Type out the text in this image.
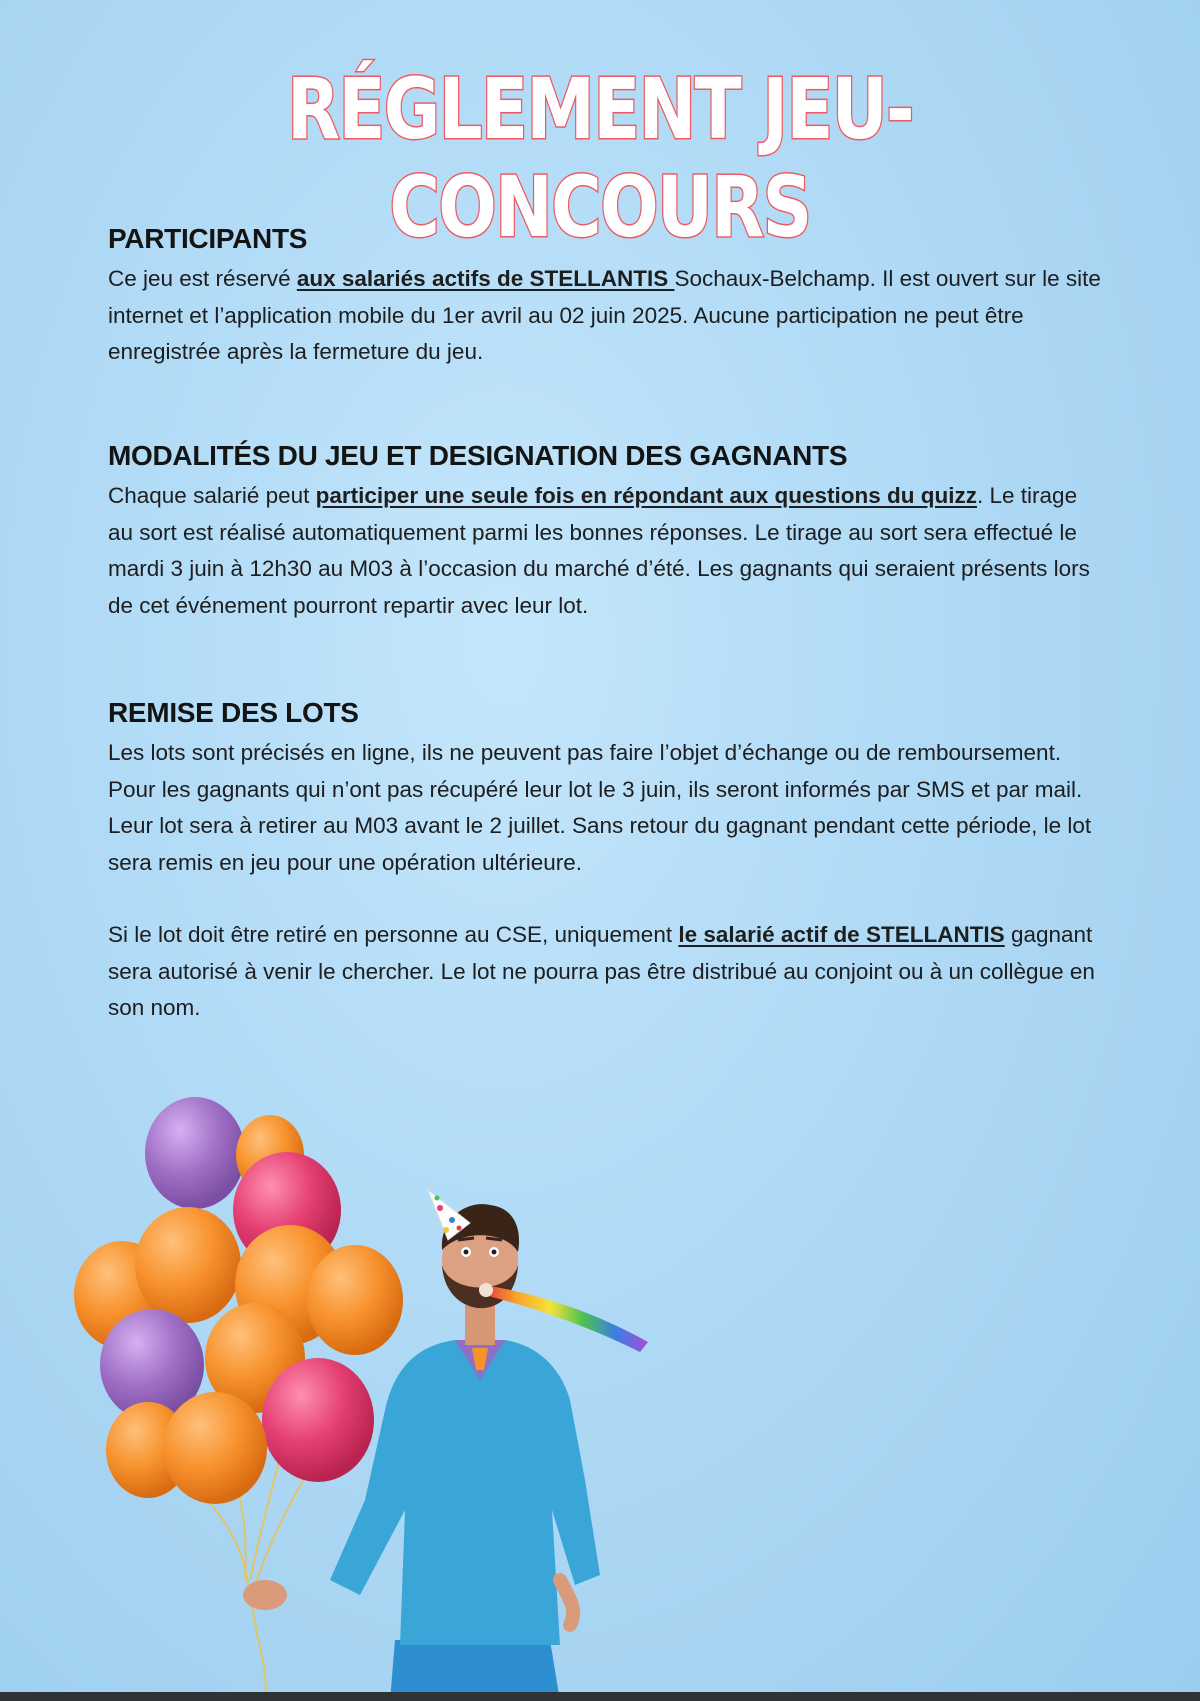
RÉGLEMENT JEU-CONCOURS
PARTICIPANTS

Ce jeu est réservé aux salariés actifs de STELLANTIS Sochaux-Belchamp. Il est ouvert sur le site internet et l’application mobile du 1er avril au 02 juin 2025. Aucune participation ne peut être enregistrée après la fermeture du jeu.

MODALITÉS DU JEU ET DESIGNATION DES GAGNANTS

Chaque salarié peut participer une seule fois en répondant aux questions du quizz. Le tirage au sort est réalisé automatiquement parmi les bonnes réponses. Le tirage au sort sera effectué le mardi 3 juin à 12h30 au M03 à l’occasion du marché d’été. Les gagnants qui seraient présents lors de cet événement pourront repartir avec leur lot.

REMISE DES LOTS

Les lots sont précisés en ligne, ils ne peuvent pas faire l’objet d’échange ou de remboursement. Pour les gagnants qui n’ont pas récupéré leur lot le 3 juin, ils seront informés par SMS et par mail. Leur lot sera à retirer au M03 avant le 2 juillet. Sans retour du gagnant pendant cette période, le lot sera remis en jeu pour une opération ultérieure.

Si le lot doit être retiré en personne au CSE, uniquement le salarié actif de STELLANTIS gagnant sera autorisé à venir le chercher. Le lot ne pourra pas être distribué au conjoint ou à un collègue en son nom.
